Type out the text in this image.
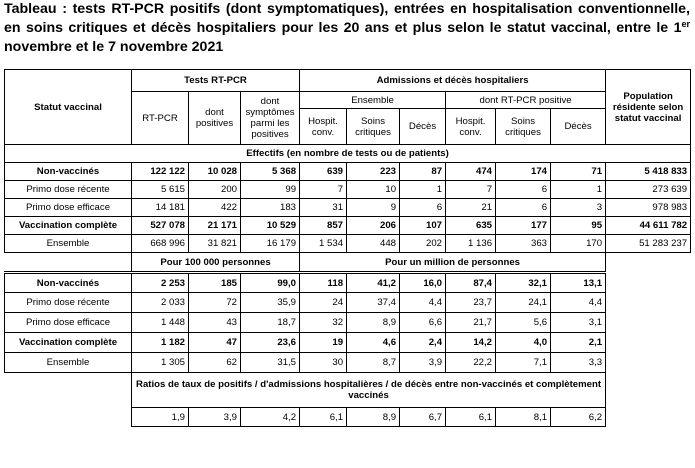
Tableau : tests RT-PCR positifs (dont symptomatiques), entrées en hospitalisation conventionnelle, en soins critiques et décès hospitaliers pour les 20 ans et plus selon le statut vaccinal, entre le 1er novembre et le 7 novembre 2021
Statut vaccinal	Tests RT-PCR			Admissions et décès hospitaliers						Population résidente selon statut vaccinal
	RT-PCR	dont positives	dont symptômes parmi les positives	Ensemble			dont RT-PCR positive			
				Hospit. conv.	Soins critiques	Décès	Hospit. conv.	Soins critiques	Décès	
Effectifs (en nombre de tests ou de patients)										
Non-vaccinés	122 122	10 028	5 368	639	223	87	474	174	71	5 418 833
Primo dose récente	5 615	200	99	7	10	1	7	6	1	273 639
Primo dose efficace	14 181	422	183	31	9	6	21	6	3	978 983
Vaccination complète	527 078	21 171	10 529	857	206	107	635	177	95	44 611 782
Ensemble	668 996	31 821	16 179	1 534	448	202	1 136	363	170	51 283 237
	Pour 100 000 personnes			Pour un million de personnes						
Non-vaccinés	2 253	185	99,0	118	41,2	16,0	87,4	32,1	13,1	
Primo dose récente	2 033	72	35,9	24	37,4	4,4	23,7	24,1	4,4	
Primo dose efficace	1 448	43	18,7	32	8,9	6,6	21,7	5,6	3,1	
Vaccination complète	1 182	47	23,6	19	4,6	2,4	14,2	4,0	2,1	
Ensemble	1 305	62	31,5	30	8,7	3,9	22,2	7,1	3,3	
	Ratios de taux de positifs / d'admissions hospitalières / de décès entre non-vaccinés et complètement vaccinés									
	1,9	3,9	4,2	6,1	8,9	6,7	6,1	8,1	6,2	
